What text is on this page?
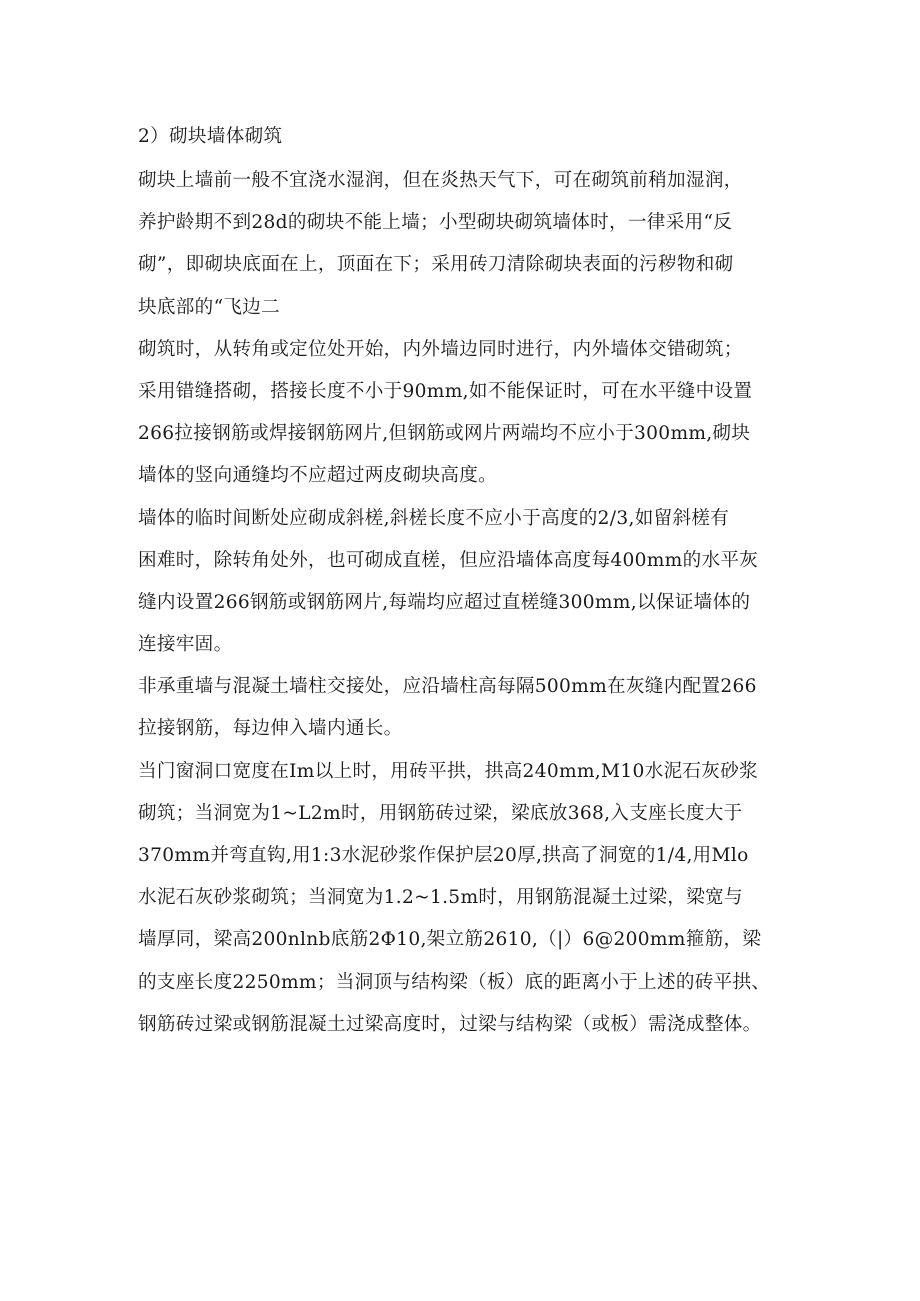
2）砌块墙体砌筑
砌块上墙前一般不宜浇水湿润，但在炎热天气下，可在砌筑前稍加湿润，
养护龄期不到28d的砌块不能上墙；小型砌块砌筑墙体时，一律采用“反
砌”，即砌块底面在上，顶面在下；采用砖刀清除砌块表面的污秽物和砌
块底部的“飞边二
砌筑时，从转角或定位处开始，内外墙边同时进行，内外墙体交错砌筑；
采用错缝搭砌，搭接长度不小于90mm,如不能保证时，可在水平缝中设置
266拉接钢筋或焊接钢筋网片,但钢筋或网片两端均不应小于300mm,砌块
墙体的竖向通缝均不应超过两皮砌块高度。
墙体的临时间断处应砌成斜槎,斜槎长度不应小于高度的2/3,如留斜槎有
困难时，除转角处外，也可砌成直槎，但应沿墙体高度每400mm的水平灰
缝内设置266钢筋或钢筋网片,每端均应超过直槎缝300mm,以保证墙体的
连接牢固。
非承重墙与混凝土墙柱交接处，应沿墙柱高每隔500mm在灰缝内配置266
拉接钢筋，每边伸入墙内通长。
当门窗洞口宽度在Im以上时，用砖平拱，拱高240mm,M10水泥石灰砂浆
砌筑；当洞宽为1~L2m时，用钢筋砖过梁，梁底放368,入支座长度大于
370mm并弯直钩,用1:3水泥砂浆作保护层20厚,拱高了洞宽的1/4,用Mlo
水泥石灰砂浆砌筑；当洞宽为1.2~1.5m时，用钢筋混凝土过梁，梁宽与
墙厚同，梁高200nlnb底筋2Φ10,架立筋2610,（|）6@200mm箍筋，梁
的支座长度2250mm；当洞顶与结构梁（板）底的距离小于上述的砖平拱、
钢筋砖过梁或钢筋混凝土过梁高度时，过梁与结构梁（或板）需浇成整体。
